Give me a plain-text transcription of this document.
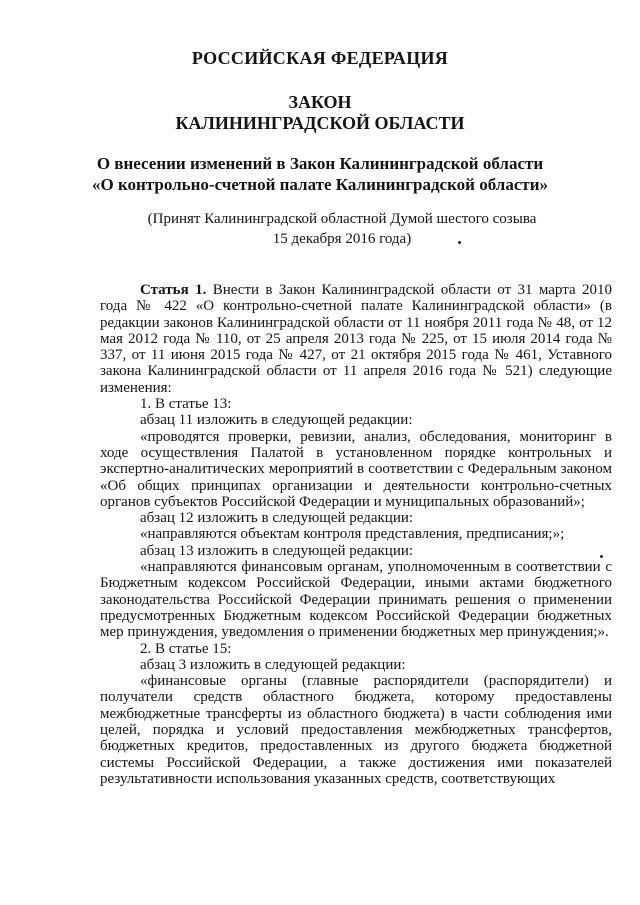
РОССИЙСКАЯ ФЕДЕРАЦИЯ
ЗАКОН
КАЛИНИНГРАДСКОЙ ОБЛАСТИ
О внесении изменений в Закон Калининградской области
«О контрольно-счетной палате Калининградской области»
(Принят Калининградской областной Думой шестого созыва
15 декабря 2016 года)

Статья 1. Внести в Закон Калининградской области от 31 марта 2010 года № 422 «О контрольно-счетной палате Калининградской области» (в редакции законов Калининградской области от 11 ноября 2011 года № 48, от 12 мая 2012 года № 110, от 25 апреля 2013 года № 225, от 15 июля 2014 года № 337, от 11 июня 2015 года № 427, от 21 октября 2015 года № 461, Уставного закона Калининградской области от 11 апреля 2016 года № 521) следующие изменения:

1. В статье 13:

абзац 11 изложить в следующей редакции:

«проводятся проверки, ревизии, анализ, обследования, мониторинг в ходе осуществления Палатой в установленном порядке контрольных и экспертно-аналитических мероприятий в соответствии с Федеральным законом «Об общих принципах организации и деятельности контрольно-счетных органов субъектов Российской Федерации и муниципальных образований»;

абзац 12 изложить в следующей редакции:

«направляются объектам контроля представления, предписания;»;

абзац 13 изложить в следующей редакции:

«направляются финансовым органам, уполномоченным в соответствии с Бюджетным кодексом Российской Федерации, иными актами бюджетного законодательства Российской Федерации принимать решения о применении предусмотренных Бюджетным кодексом Российской Федерации бюджетных мер принуждения, уведомления о применении бюджетных мер принуждения;».

2. В статье 15:

абзац 3 изложить в следующей редакции:

«финансовые органы (главные распорядители (распорядители) и получатели средств областного бюджета, которому предоставлены межбюджетные трансферты из областного бюджета) в части соблюдения ими целей, порядка и условий предоставления межбюджетных трансфертов, бюджетных кредитов, предоставленных из другого бюджета бюджетной системы Российской Федерации, а также достижения ими показателей результативности использования указанных средств, соответствующих
